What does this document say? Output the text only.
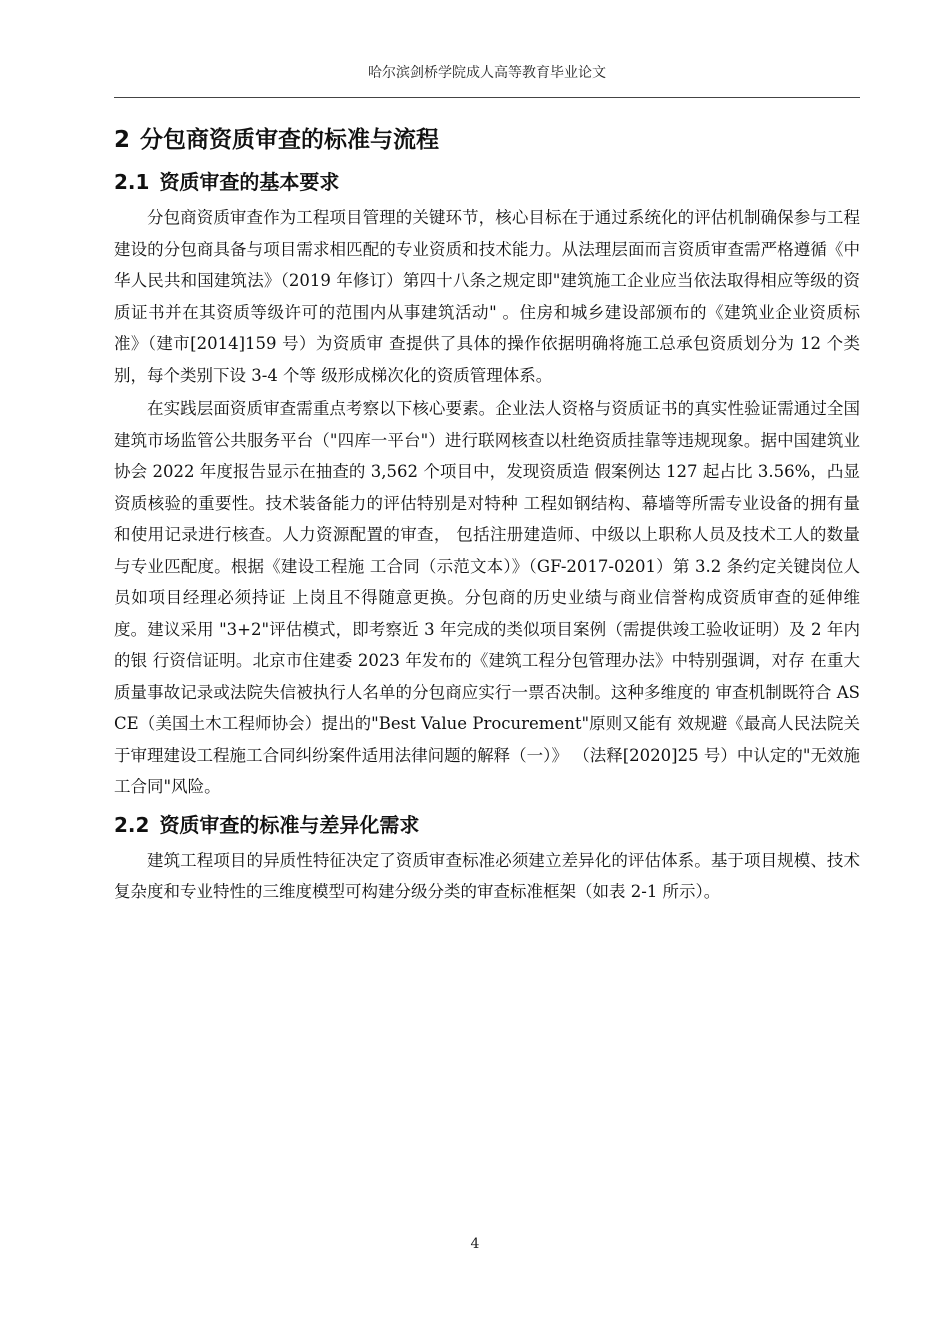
哈尔滨剑桥学院成人高等教育毕业论文
2 分包商资质审查的标准与流程
2.1 资质审查的基本要求

分包商资质审查作为工程项目管理的关键环节，核心目标在于通过系统化的评估机制确保参与工程建设的分包商具备与项目需求相匹配的专业资质和技术能力。从法理层面而言资质审查需严格遵循《中华人民共和国建筑法》（2019 年修订）第四十八条之规定即"建筑施工企业应当依法取得相应等级的资质证书并在其资质等级许可的范围内从事建筑活动" 。住房和城乡建设部颁布的《建筑业企业资质标准》（建市[2014]159 号）为资质审 查提供了具体的操作依据明确将施工总承包资质划分为 12 个类别，每个类别下设 3-4 个等 级形成梯次化的资质管理体系。

在实践层面资质审查需重点考察以下核心要素。企业法人资格与资质证书的真实性验证需通过全国建筑市场监管公共服务平台（"四库一平台"）进行联网核查以杜绝资质挂靠等违规现象。据中国建筑业协会 2022 年度报告显示在抽查的 3,562 个项目中，发现资质造 假案例达 127 起占比 3.56%，凸显资质核验的重要性。技术装备能力的评估特别是对特种 工程如钢结构、幕墙等所需专业设备的拥有量和使用记录进行核查。人力资源配置的审查， 包括注册建造师、中级以上职称人员及技术工人的数量与专业匹配度。根据《建设工程施 工合同（示范文本）》（GF-2017-0201）第 3.2 条约定关键岗位人员如项目经理必须持证 上岗且不得随意更换。分包商的历史业绩与商业信誉构成资质审查的延伸维度。建议采用 "3+2"评估模式，即考察近 3 年完成的类似项目案例（需提供竣工验收证明）及 2 年内的银 行资信证明。北京市住建委 2023 年发布的《建筑工程分包管理办法》中特别强调，对存 在重大质量事故记录或法院失信被执行人名单的分包商应实行一票否决制。这种多维度的 审查机制既符合 ASCE（美国土木工程师协会）提出的"Best Value Procurement"原则又能有 效规避《最高人民法院关于审理建设工程施工合同纠纷案件适用法律问题的解释（一）》 （法释[2020]25 号）中认定的"无效施工合同"风险。

2.2 资质审查的标准与差异化需求

建筑工程项目的异质性特征决定了资质审查标准必须建立差异化的评估体系。基于项目规模、技术复杂度和专业特性的三维度模型可构建分级分类的审查标准框架（如表 2-1 所示）。

4
